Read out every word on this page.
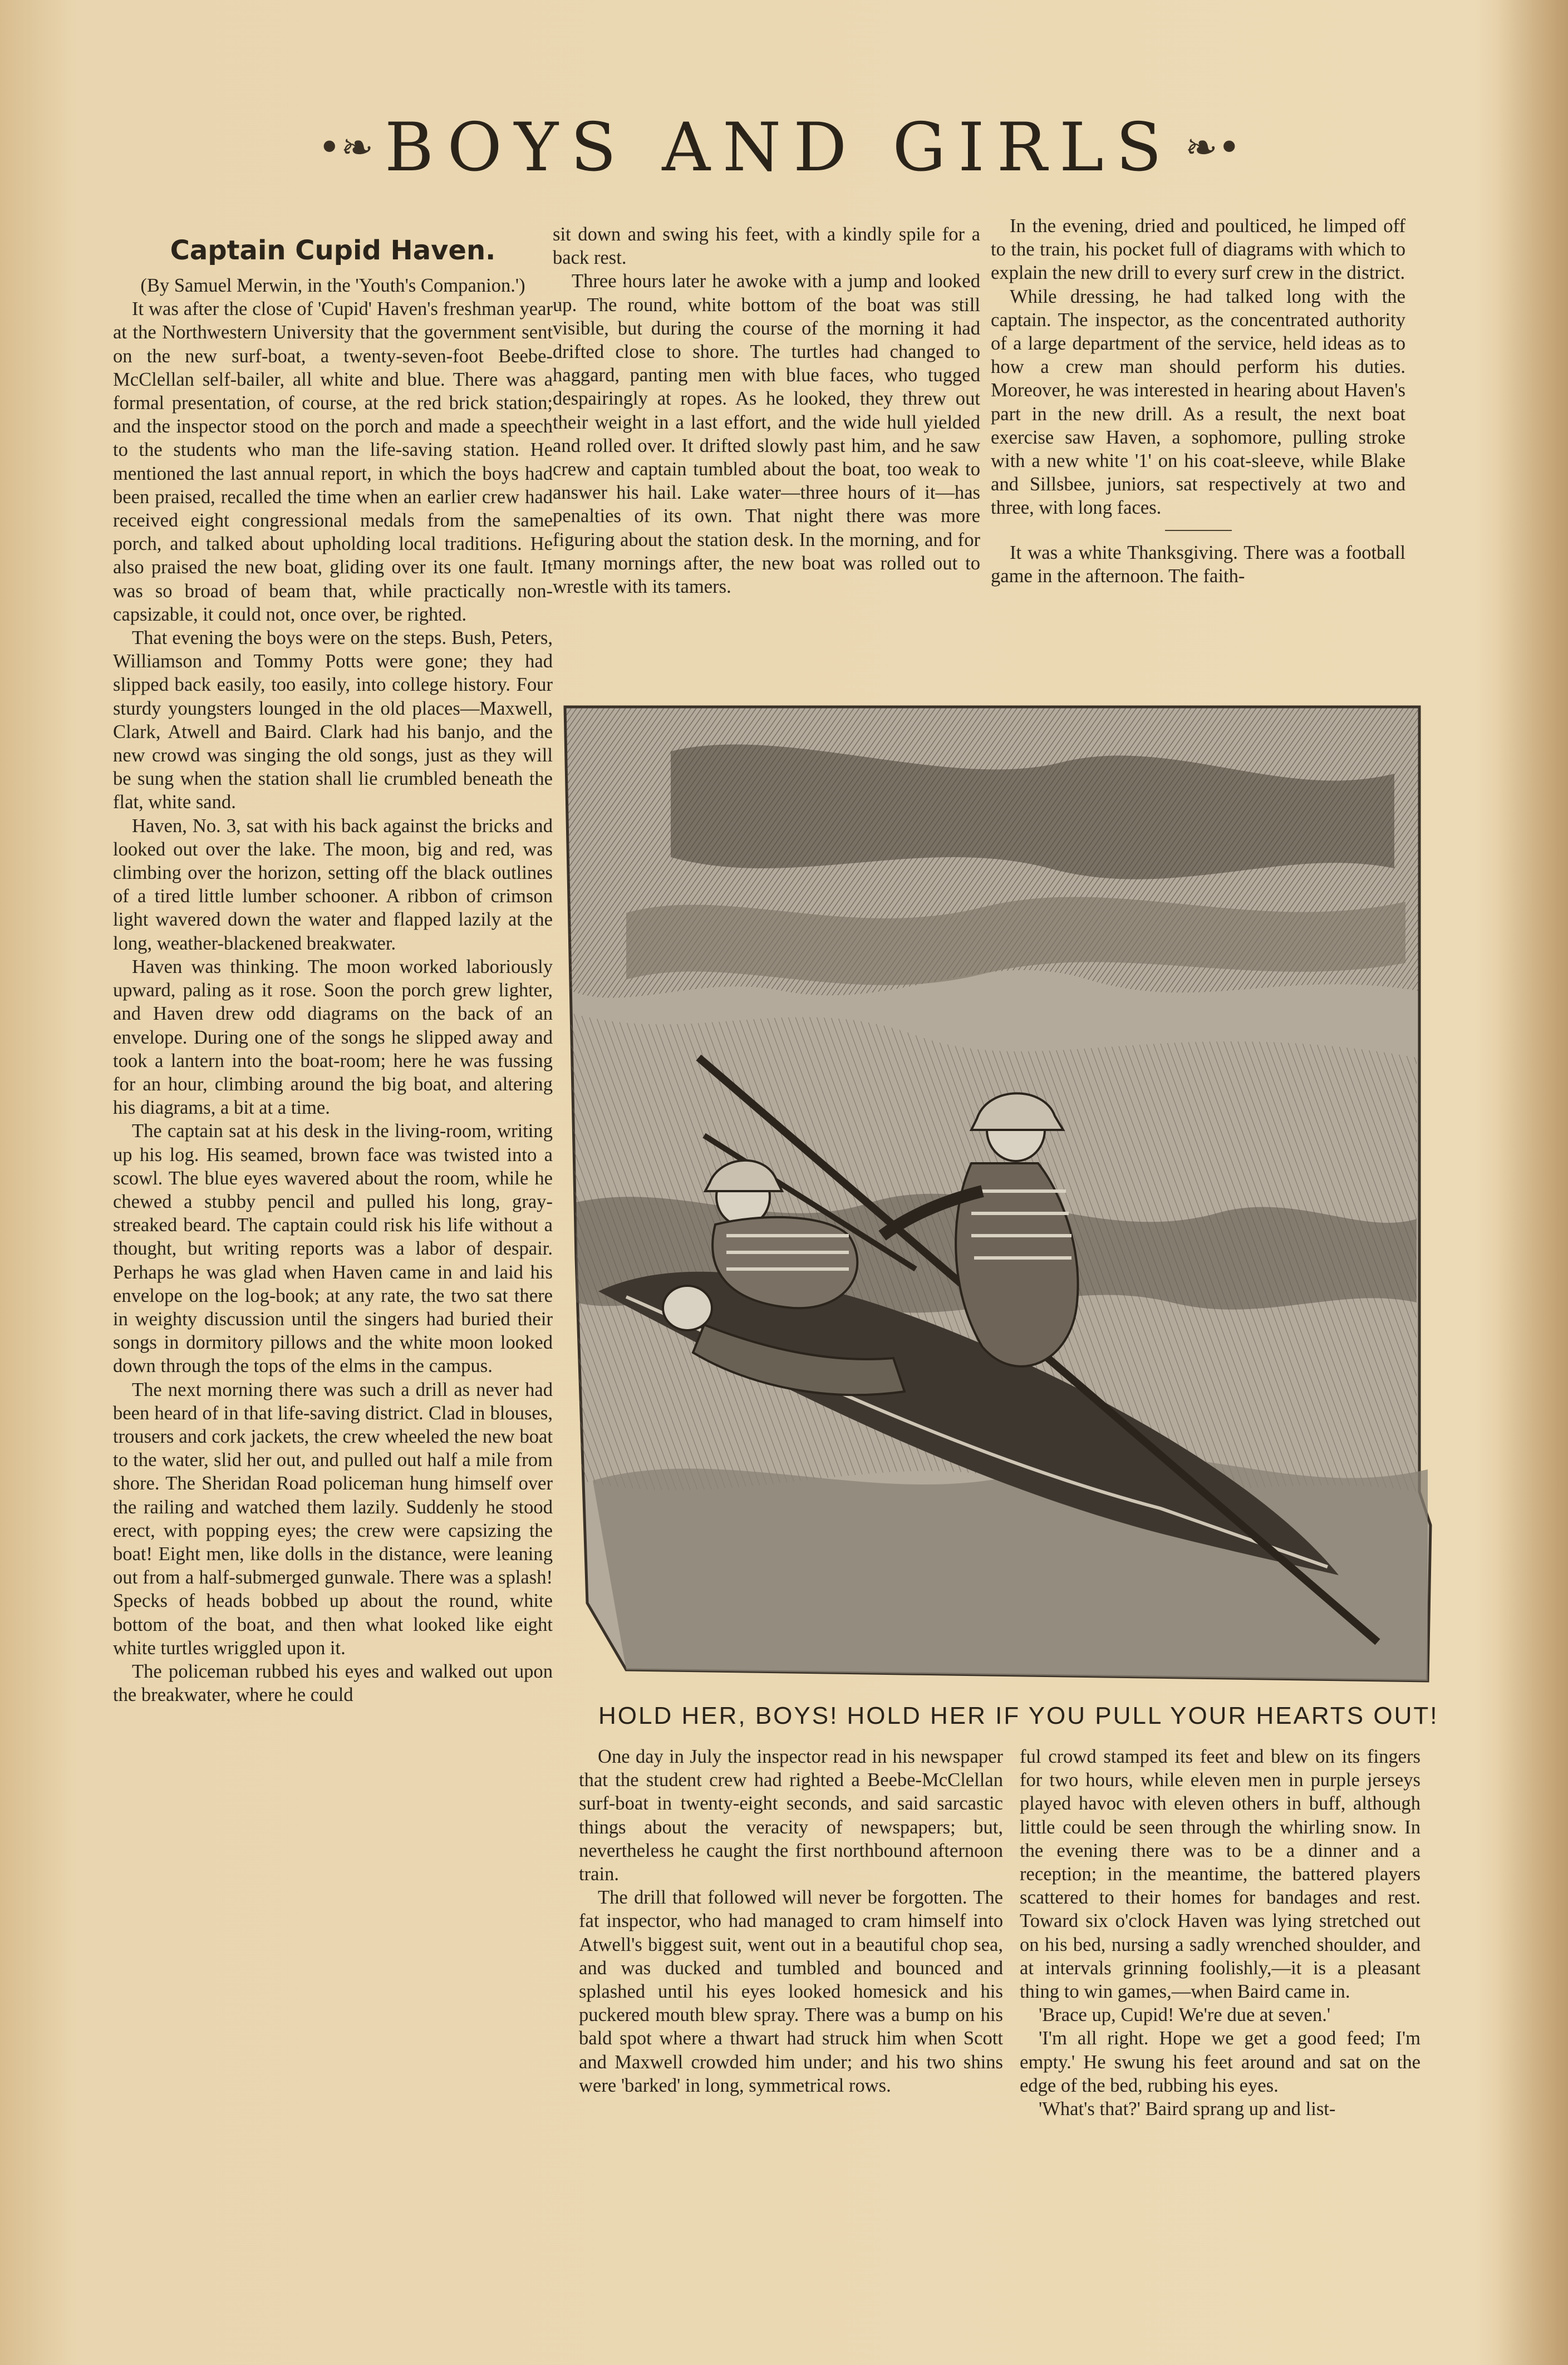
•❧ BOYS AND GIRLS ❧•

Captain Cupid Haven.

(By Samuel Merwin, in the 'Youth's Companion.')

It was after the close of 'Cupid' Haven's freshman year at the Northwestern University that the government sent on the new surf-boat, a twenty-seven-foot Beebe-McClellan self-bailer, all white and blue. There was a formal presentation, of course, at the red brick station; and the inspector stood on the porch and made a speech to the students who man the life-saving station. He mentioned the last annual report, in which the boys had been praised, recalled the time when an earlier crew had received eight congressional medals from the same porch, and talked about upholding local traditions. He also praised the new boat, gliding over its one fault. It was so broad of beam that, while practically non-capsizable, it could not, once over, be righted.

That evening the boys were on the steps. Bush, Peters, Williamson and Tommy Potts were gone; they had slipped back easily, too easily, into college history. Four sturdy youngsters lounged in the old places—Maxwell, Clark, Atwell and Baird. Clark had his banjo, and the new crowd was singing the old songs, just as they will be sung when the station shall lie crumbled beneath the flat, white sand.

Haven, No. 3, sat with his back against the bricks and looked out over the lake. The moon, big and red, was climbing over the horizon, setting off the black outlines of a tired little lumber schooner. A ribbon of crimson light wavered down the water and flapped lazily at the long, weather-blackened breakwater.

Haven was thinking. The moon worked laboriously upward, paling as it rose. Soon the porch grew lighter, and Haven drew odd diagrams on the back of an envelope. During one of the songs he slipped away and took a lantern into the boat-room; here he was fussing for an hour, climbing around the big boat, and altering his diagrams, a bit at a time.

The captain sat at his desk in the living-room, writing up his log. His seamed, brown face was twisted into a scowl. The blue eyes wavered about the room, while he chewed a stubby pencil and pulled his long, gray-streaked beard. The captain could risk his life without a thought, but writing reports was a labor of despair. Perhaps he was glad when Haven came in and laid his envelope on the log-book; at any rate, the two sat there in weighty discussion until the singers had buried their songs in dormitory pillows and the white moon looked down through the tops of the elms in the campus.

The next morning there was such a drill as never had been heard of in that life-saving district. Clad in blouses, trousers and cork jackets, the crew wheeled the new boat to the water, slid her out, and pulled out half a mile from shore. The Sheridan Road policeman hung himself over the railing and watched them lazily. Suddenly he stood erect, with popping eyes; the crew were capsizing the boat! Eight men, like dolls in the distance, were leaning out from a half-submerged gunwale. There was a splash! Specks of heads bobbed up about the round, white bottom of the boat, and then what looked like eight white turtles wriggled upon it.

The policeman rubbed his eyes and walked out upon the breakwater, where he could

sit down and swing his feet, with a kindly spile for a back rest.

Three hours later he awoke with a jump and looked up. The round, white bottom of the boat was still visible, but during the course of the morning it had drifted close to shore. The turtles had changed to haggard, panting men with blue faces, who tugged despairingly at ropes. As he looked, they threw out their weight in a last effort, and the wide hull yielded and rolled over. It drifted slowly past him, and he saw crew and captain tumbled about the boat, too weak to answer his hail. Lake water—three hours of it—has penalties of its own. That night there was more figuring about the station desk. In the morning, and for many mornings after, the new boat was rolled out to wrestle with its tamers.

In the evening, dried and poulticed, he limped off to the train, his pocket full of diagrams with which to explain the new drill to every surf crew in the district.

While dressing, he had talked long with the captain. The inspector, as the concentrated authority of a large department of the service, held ideas as to how a crew man should perform his duties. Moreover, he was interested in hearing about Haven's part in the new drill. As a result, the next boat exercise saw Haven, a sophomore, pulling stroke with a new white '1' on his coat-sleeve, while Blake and Sillsbee, juniors, sat respectively at two and three, with long faces.

It was a white Thanksgiving. There was a football game in the afternoon. The faith-

HOLD HER, BOYS! HOLD HER IF YOU PULL YOUR HEARTS OUT!

One day in July the inspector read in his newspaper that the student crew had righted a Beebe-McClellan surf-boat in twenty-eight seconds, and said sarcastic things about the veracity of newspapers; but, nevertheless he caught the first northbound afternoon train.

The drill that followed will never be forgotten. The fat inspector, who had managed to cram himself into Atwell's biggest suit, went out in a beautiful chop sea, and was ducked and tumbled and bounced and splashed until his eyes looked homesick and his puckered mouth blew spray. There was a bump on his bald spot where a thwart had struck him when Scott and Maxwell crowded him under; and his two shins were 'barked' in long, symmetrical rows.

ful crowd stamped its feet and blew on its fingers for two hours, while eleven men in purple jerseys played havoc with eleven others in buff, although little could be seen through the whirling snow. In the evening there was to be a dinner and a reception; in the meantime, the battered players scattered to their homes for bandages and rest. Toward six o'clock Haven was lying stretched out on his bed, nursing a sadly wrenched shoulder, and at intervals grinning foolishly,—it is a pleasant thing to win games,—when Baird came in.

'Brace up, Cupid! We're due at seven.'

'I'm all right. Hope we get a good feed; I'm empty.' He swung his feet around and sat on the edge of the bed, rubbing his eyes.

'What's that?' Baird sprang up and list-
